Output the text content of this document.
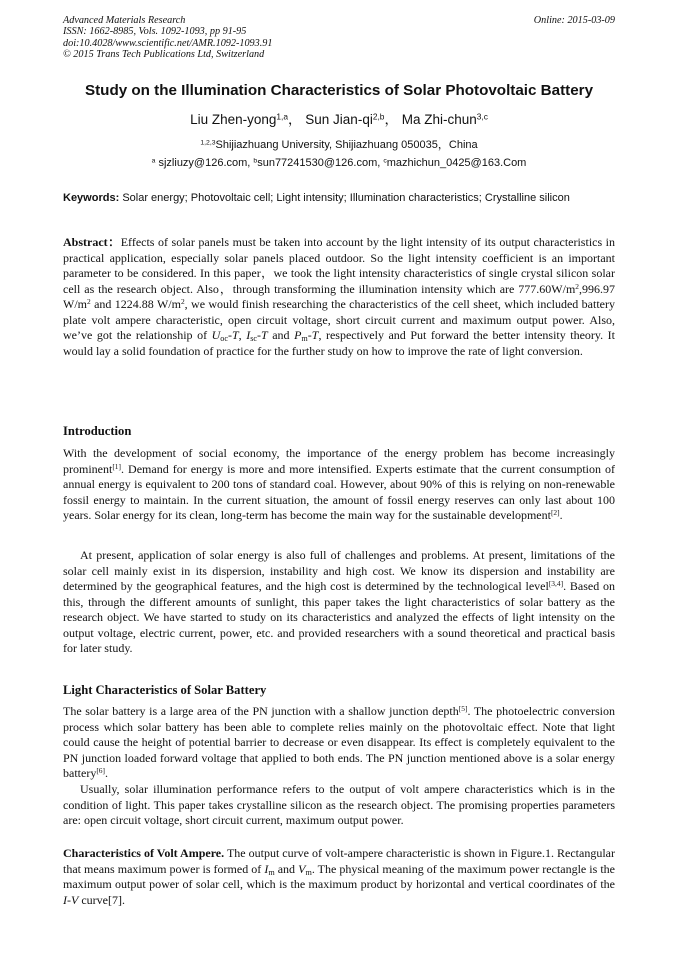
Advanced Materials Research
ISSN: 1662-8985, Vols. 1092-1093, pp 91-95
doi:10.4028/www.scientific.net/AMR.1092-1093.91
© 2015 Trans Tech Publications Ltd, Switzerland
Online: 2015-03-09
Study on the Illumination Characteristics of Solar Photovoltaic Battery
Liu Zhen-yong$^{1,a}$， Sun Jian-qi$^{2,b}$， Ma Zhi-chun$^{3,c}$
$^{1,2,3}$Shijiazhuang University, Shijiazhuang 050035，China
$^a$ sjzliuzy@126.com, $^b$sun77241530@126.com, $^c$mazhichun_0425@163.Com
Keywords: Solar energy; Photovoltaic cell; Light intensity; Illumination characteristics; Crystalline silicon
Abstract：Effects of solar panels must be taken into account by the light intensity of its output characteristics in practical application, especially solar panels placed outdoor. So the light intensity coefficient is an important parameter to be considered. In this paper，we took the light intensity characteristics of single crystal silicon solar cell as the research object. Also，through transforming the illumination intensity which are $777.60W/m^2,996.97$ $W/m^2$ and 1224.88 $W/m^2$, we would finish researching the characteristics of the cell sheet, which included battery plate volt ampere characteristic, open circuit voltage, short circuit current and maximum output power. Also, we’ve got the relationship of $U_{oc}-T$, $I_{sc}-T$ and $P_m-T$, respectively and Put forward the better intensity theory. It would lay a solid foundation of practice for the further study on how to improve the rate of light conversion.
Introduction
With the development of social economy, the importance of the energy problem has become increasingly prominent[1]. Demand for energy is more and more intensified. Experts estimate that the current consumption of annual energy is equivalent to 200 tons of standard coal. However, about 90% of this is relying on non-renewable fossil energy to maintain. In the current situation, the amount of fossil energy reserves can only last about 100 years. Solar energy for its clean, long-term has become the main way for the sustainable development[2].
At present, application of solar energy is also full of challenges and problems. At present, limitations of the solar cell mainly exist in its dispersion, instability and high cost. We know its dispersion and instability are determined by the geographical features, and the high cost is determined by the technological level[3,4]. Based on this, through the different amounts of sunlight, this paper takes the light characteristics of solar battery as the research object. We have started to study on its characteristics and analyzed the effects of light intensity on the output voltage, electric current, power, etc. and provided researchers with a sound theoretical and practical basis for later study.
Light Characteristics of Solar Battery
The solar battery is a large area of the PN junction with a shallow junction depth[5]. The photoelectric conversion process which solar battery has been able to complete relies mainly on the photovoltaic effect. Note that light could cause the height of potential barrier to decrease or even disappear. Its effect is completely equivalent to the PN junction loaded forward voltage that applied to both ends. The PN junction mentioned above is a solar energy battery[6].
Usually, solar illumination performance refers to the output of volt ampere characteristics which is in the condition of light. This paper takes crystalline silicon as the research object. The promising properties parameters are: open circuit voltage, short circuit current, maximum output power.
Characteristics of Volt Ampere. The output curve of volt-ampere characteristic is shown in Figure.1. Rectangular that means maximum power is formed of $I_m$ and $V_m$. The physical meaning of the maximum power rectangle is the maximum output power of solar cell, which is the maximum product by horizontal and vertical coordinates of the I-V curve[7].
